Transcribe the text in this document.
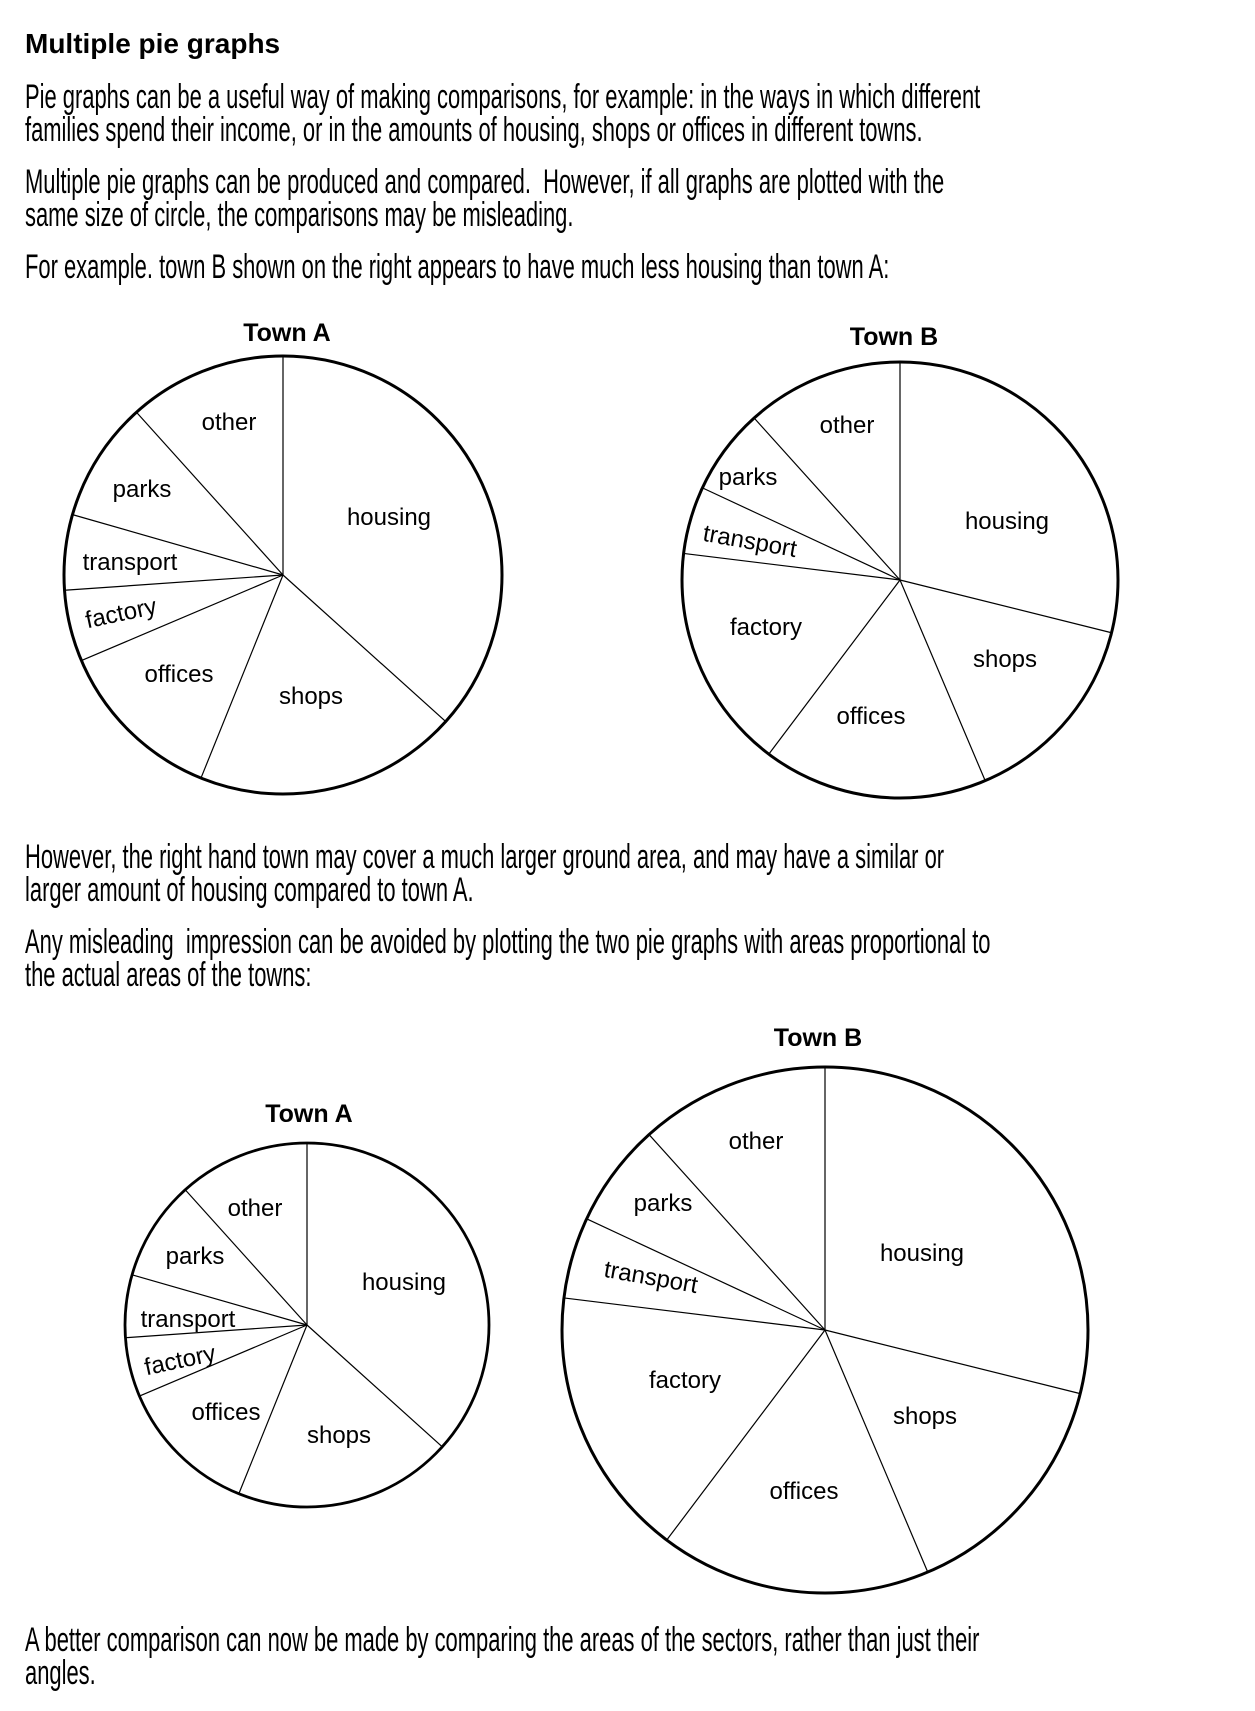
Multiple pie graphs
Pie graphs can be a useful way of making comparisons, for example: in the ways in which different
families spend their income, or in the amounts of housing, shops or offices in different towns.
Multiple pie graphs can be produced and compared.  However, if all graphs are plotted with the
same size of circle, the comparisons may be misleading.
For example. town B shown on the right appears to have much less housing than town A:
However, the right hand town may cover a much larger ground area, and may have a similar or
larger amount of housing compared to town A.
Any misleading  impression can be avoided by plotting the two pie graphs with areas proportional to
the actual areas of the towns:
A better comparison can now be made by comparing the areas of the sectors, rather than just their
angles.
housing
shops
offices
factory
transport
parks
other
Town A
housing
shops
offices
factory
transport
parks
other
Town B
housing
shops
offices
factory
transport
parks
other
Town A
housing
shops
offices
factory
transport
parks
other
Town B
